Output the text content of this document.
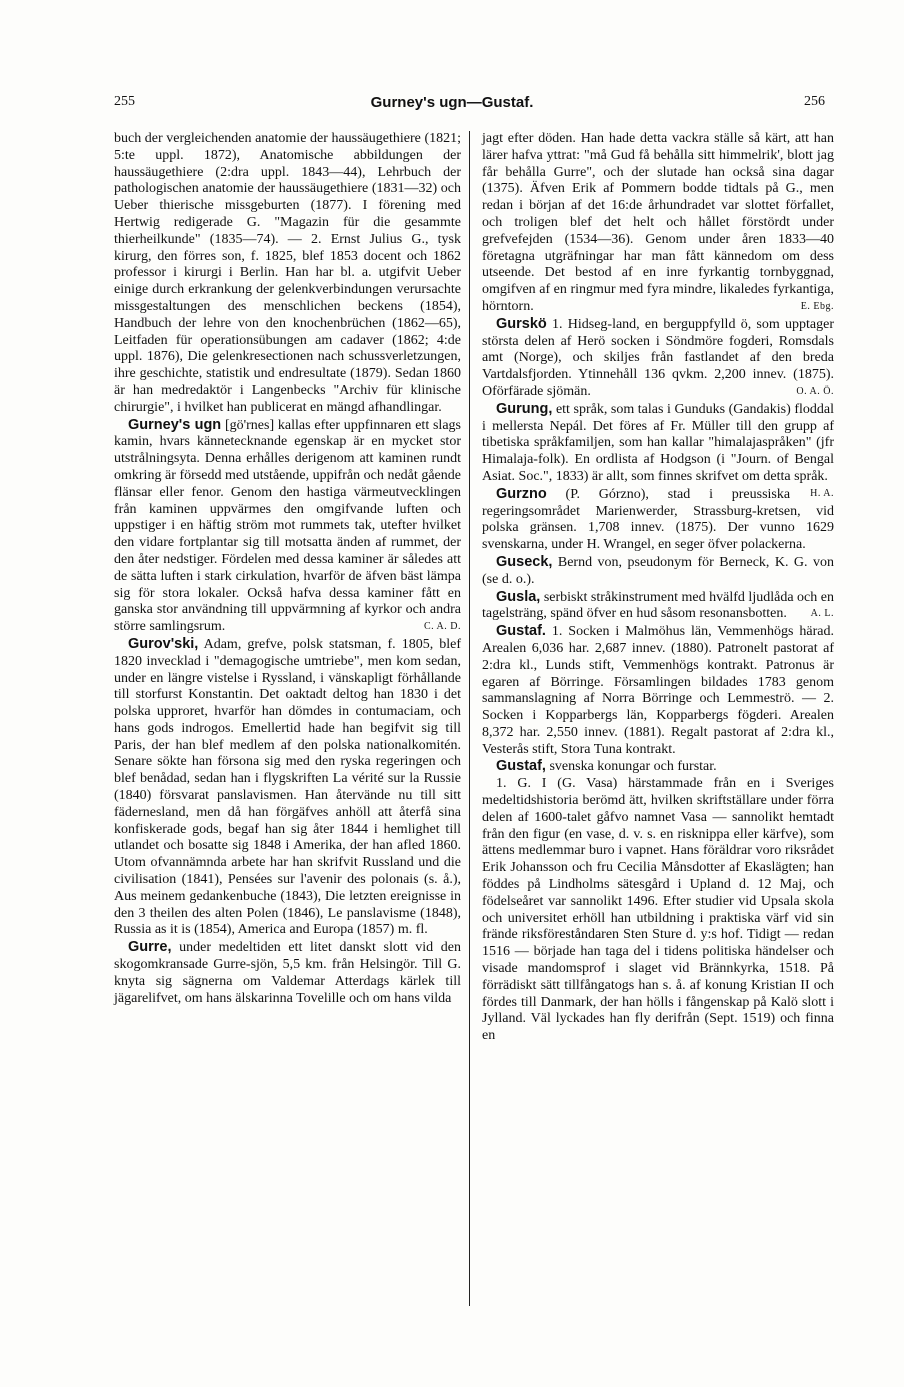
255	Gurney's ugn—Gustaf.	256

buch der vergleichenden anatomie der haussäugethiere (1821; 5:te uppl. 1872), Anatomische abbildungen der haussäugethiere (2:dra uppl. 1843—44), Lehrbuch der pathologischen anatomie der haussäugethiere (1831—32) och Ueber thierische missgeburten (1877). I förening med Hertwig redigerade G. "Magazin für die gesammte thierheilkunde" (1835—74). — 2. Ernst Julius G., tysk kirurg, den förres son, f. 1825, blef 1853 docent och 1862 professor i kirurgi i Berlin. Han har bl. a. utgifvit Ueber einige durch erkrankung der gelenkverbindungen verursachte missgestaltungen des menschlichen beckens (1854), Handbuch der lehre von den knochenbrüchen (1862—65), Leitfaden für operationsübungen am cadaver (1862; 4:de uppl. 1876), Die gelenkresectionen nach schussverletzungen, ihre geschichte, statistik und endresultate (1879). Sedan 1860 är han medredaktör i Langenbecks "Archiv für klinische chirurgie", i hvilket han publicerat en mängd afhandlingar.

Gurney's ugn [gö'rnes] kallas efter uppfinnaren ett slags kamin, hvars kännetecknande egenskap är en mycket stor utstrålningsyta. Denna erhålles derigenom att kaminen rundt omkring är försedd med utstående, uppifrån och nedåt gående flänsar eller fenor. Genom den hastiga värmeutvecklingen från kaminen uppvärmes den omgifvande luften och uppstiger i en häftig ström mot rummets tak, utefter hvilket den vidare fortplantar sig till motsatta änden af rummet, der den åter nedstiger. Fördelen med dessa kaminer är således att de sätta luften i stark cirkulation, hvarför de äfven bäst lämpa sig för stora lokaler. Också hafva dessa kaminer fått en ganska stor användning till uppvärmning af kyrkor och andra större samlingsrum.	C. A. D.

Gurov'ski, Adam, grefve, polsk statsman, f. 1805, blef 1820 invecklad i "demagogische umtriebe", men kom sedan, under en längre vistelse i Ryssland, i vänskapligt förhållande till storfurst Konstantin. Det oaktadt deltog han 1830 i det polska upproret, hvarför han dömdes in contumaciam, och hans gods indrogos. Emellertid hade han begifvit sig till Paris, der han blef medlem af den polska nationalkomitén. Senare sökte han försona sig med den ryska regeringen och blef benådad, sedan han i flygskriften La vérité sur la Russie (1840) försvarat panslavismen. Han återvände nu till sitt fädernesland, men då han förgäfves anhöll att återfå sina konfiskerade gods, begaf han sig åter 1844 i hemlighet till utlandet och bosatte sig 1848 i Amerika, der han afled 1860. Utom ofvannämnda arbete har han skrifvit Russland und die civilisation (1841), Pensées sur l'avenir des polonais (s. å.), Aus meinem gedankenbuche (1843), Die letzten ereignisse in den 3 theilen des alten Polen (1846), Le panslavisme (1848), Russia as it is (1854), America and Europa (1857) m. fl.

Gurre, under medeltiden ett litet danskt slott vid den skogomkransade Gurre-sjön, 5,5 km. från Helsingör. Till G. knyta sig sägnerna om Valdemar Atterdags kärlek till jägarelifvet, om hans älskarinna Tovelille och om hans vilda

jagt efter döden. Han hade detta vackra ställe så kärt, att han lärer hafva yttrat: "må Gud få behålla sitt himmelrik', blott jag får behålla Gurre", och der slutade han också sina dagar (1375). Äfven Erik af Pommern bodde tidtals på G., men redan i början af det 16:de århundradet var slottet förfallet, och troligen blef det helt och hållet förstördt under grefvefejden (1534—36). Genom under åren 1833—40 företagna utgräfningar har man fått kännedom om dess utseende. Det bestod af en inre fyrkantig tornbyggnad, omgifven af en ringmur med fyra mindre, likaledes fyrkantiga, hörntorn.	E. Ebg.

Gurskö 1. Hidseg-land, en berguppfylld ö, som upptager största delen af Herö socken i Söndmöre fogderi, Romsdals amt (Norge), och skiljes från fastlandet af den breda Vartdalsfjorden. Ytinnehåll 136 qvkm. 2,200 innev. (1875). Oförfärade sjömän.	O. A. Ö.

Gurung, ett språk, som talas i Gunduks (Gandakis) floddal i mellersta Nepál. Det föres af Fr. Müller till den grupp af tibetiska språkfamiljen, som han kallar "himalajaspråken" (jfr Himalaja-folk). En ordlista af Hodgson (i "Journ. of Bengal Asiat. Soc.", 1833) är allt, som finnes skrifvet om detta språk.
H. A.

Gurzno (P. Górzno), stad i preussiska regeringsområdet Marienwerder, Strassburg-kretsen, vid polska gränsen. 1,708 innev. (1875). Der vunno 1629 svenskarna, under H. Wrangel, en seger öfver polackerna.

Guseck, Bernd von, pseudonym för Berneck, K. G. von (se d. o.).

Gusla, serbiskt stråkinstrument med hvälfd ljudlåda och en tagelsträng, spänd öfver en hud såsom resonansbotten.	A. L.

Gustaf. 1. Socken i Malmöhus län, Vemmenhögs härad. Arealen 6,036 har. 2,687 innev. (1880). Patronelt pastorat af 2:dra kl., Lunds stift, Vemmenhögs kontrakt. Patronus är egaren af Börringe. Församlingen bildades 1783 genom sammanslagning af Norra Börringe och Lemmeströ. — 2. Socken i Kopparbergs län, Kopparbergs fögderi. Arealen 8,372 har. 2,550 innev. (1881). Regalt pastorat af 2:dra kl., Vesterås stift, Stora Tuna kontrakt.

Gustaf, svenska konungar och furstar.

1. G. I (G. Vasa) härstammade från en i Sveriges medeltidshistoria berömd ätt, hvilken skriftställare under förra delen af 1600-talet gåfvo namnet Vasa — sannolikt hemtadt från den figur (en vase, d. v. s. en risknippa eller kärfve), som ättens medlemmar buro i vapnet. Hans föräldrar voro riksrådet Erik Johansson och fru Cecilia Månsdotter af Ekaslägten; han föddes på Lindholms sätesgård i Upland d. 12 Maj, och födelseåret var sannolikt 1496. Efter studier vid Upsala skola och universitet erhöll han utbildning i praktiska värf vid sin frände riksföreståndaren Sten Sture d. y:s hof. Tidigt — redan 1516 — började han taga del i tidens politiska händelser och visade mandomsprof i slaget vid Brännkyrka, 1518. På förrädiskt sätt tillfångatogs han s. å. af konung Kristian II och fördes till Danmark, der han hölls i fångenskap på Kalö slott i Jylland. Väl lyckades han fly derifrån (Sept. 1519) och finna en
